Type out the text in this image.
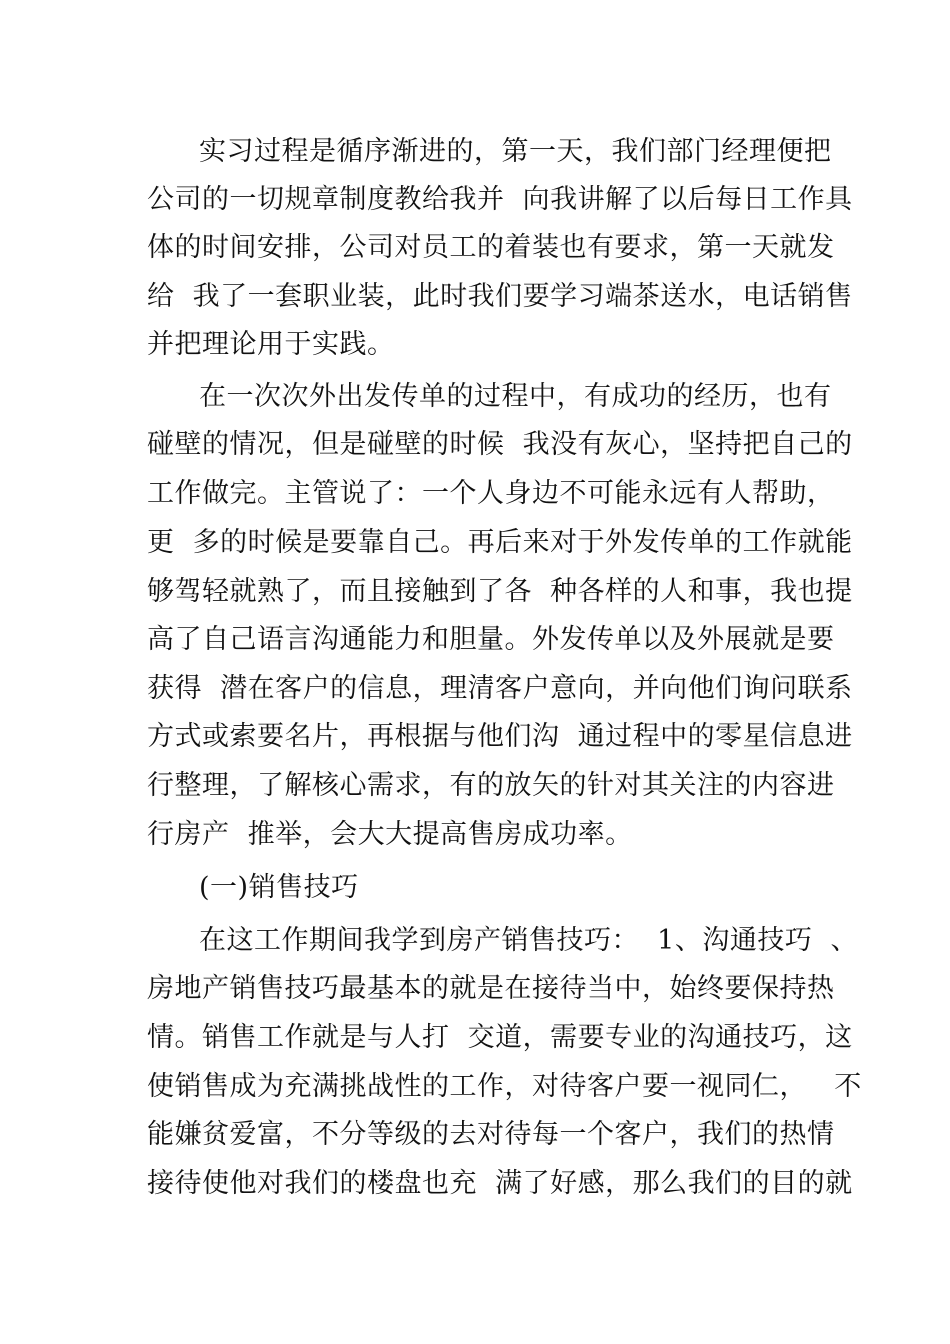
实习过程是循序渐进的，第一天，我们部门经理便把
公司的一切规章制度教给我并  向我讲解了以后每日工作具
体的时间安排，公司对员工的着装也有要求，第一天就发
给  我了一套职业装，此时我们要学习端茶送水，电话销售
并把理论用于实践。
在一次次外出发传单的过程中，有成功的经历，也有
碰壁的情况，但是碰壁的时候  我没有灰心，坚持把自己的
工作做完。主管说了：一个人身边不可能永远有人帮助，
更  多的时候是要靠自己。再后来对于外发传单的工作就能
够驾轻就熟了，而且接触到了各  种各样的人和事，我也提
高了自己语言沟通能力和胆量。外发传单以及外展就是要
获得  潜在客户的信息，理清客户意向，并向他们询问联系
方式或索要名片，再根据与他们沟  通过程中的零星信息进
行整理，了解核心需求，有的放矢的针对其关注的内容进
行房产  推举，会大大提高售房成功率。
(一)销售技巧
在这工作期间我学到房产销售技巧：  1、沟通技巧  、
房地产销售技巧最基本的就是在接待当中，始终要保持热
情。销售工作就是与人打  交道，需要专业的沟通技巧，这
使销售成为充满挑战性的工作，对待客户要一视同仁，   不
能嫌贫爱富，不分等级的去对待每一个客户，我们的热情
接待使他对我们的楼盘也充  满了好感，那么我们的目的就
